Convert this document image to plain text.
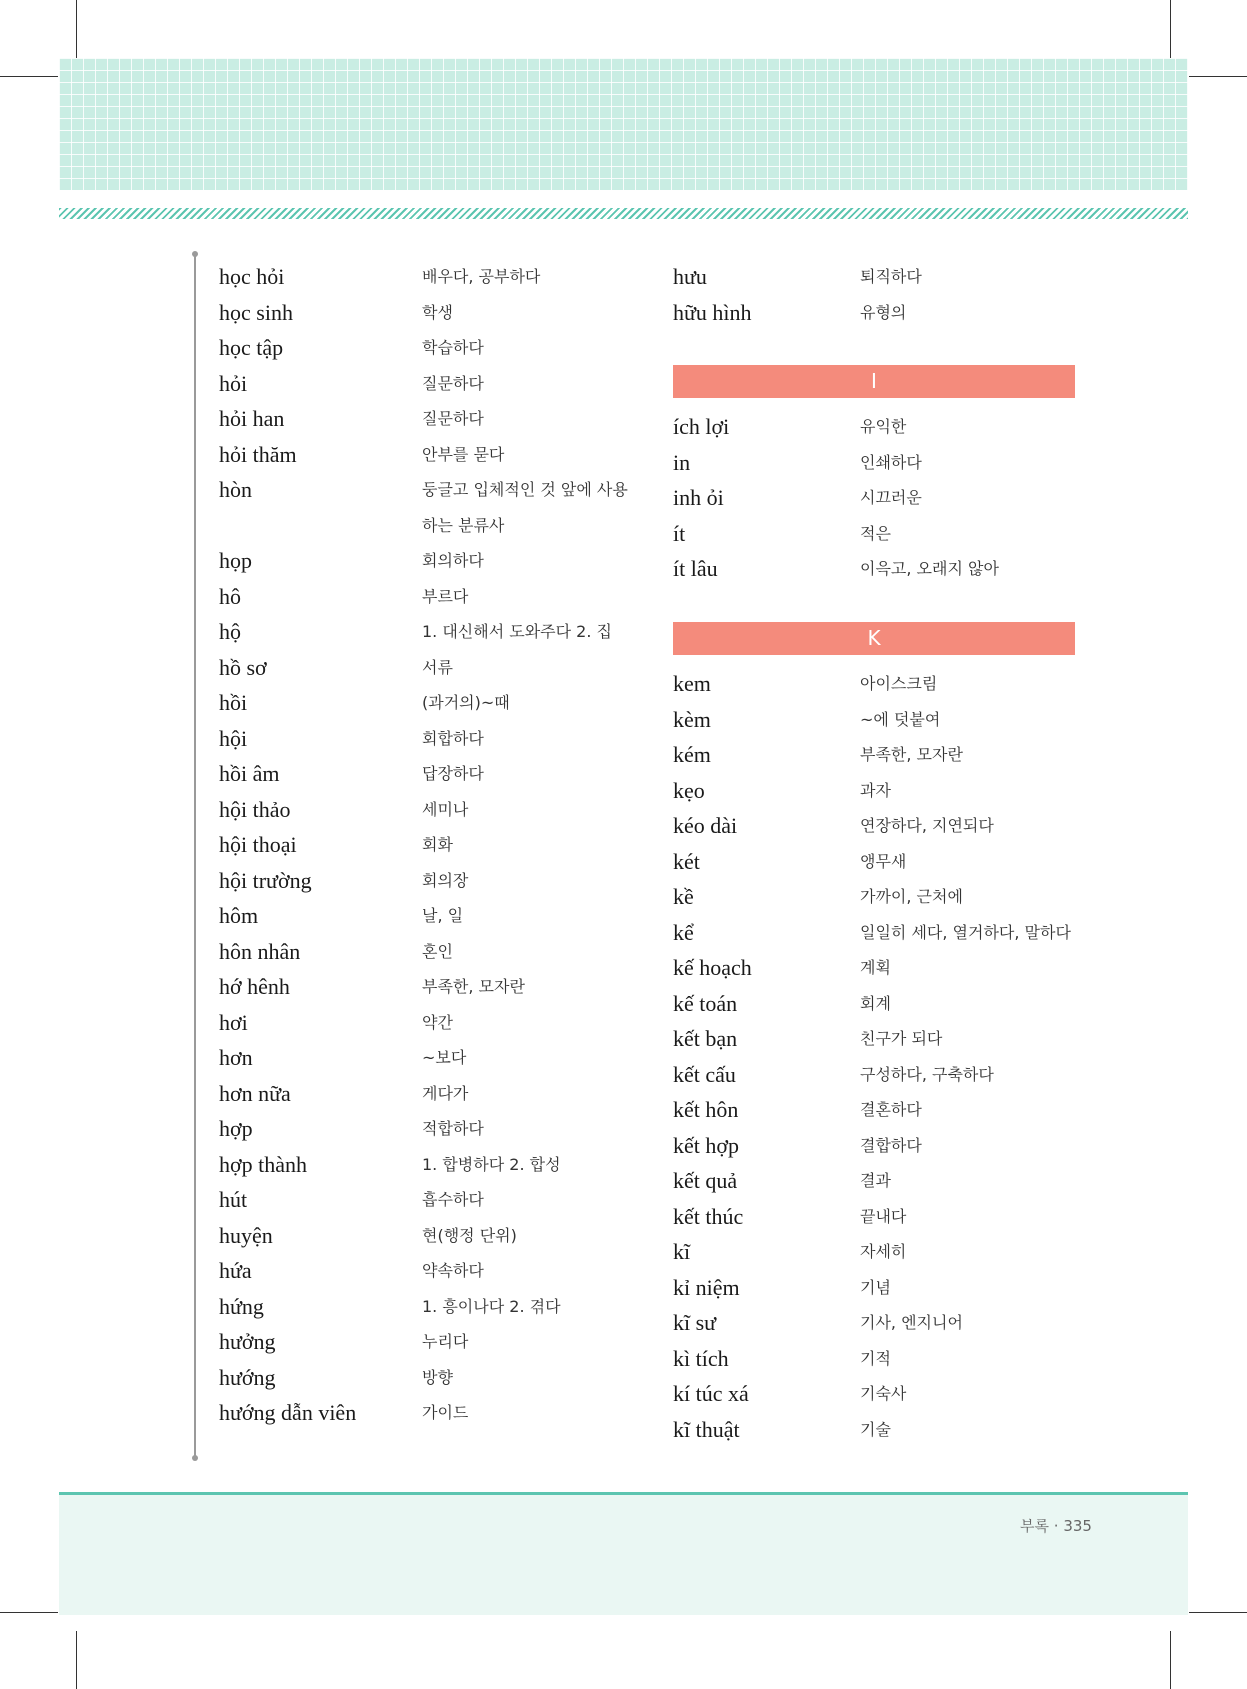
học hỏi	배우다, 공부하다
học sinh	학생
học tập	학습하다
hỏi	질문하다
hỏi han	질문하다
hỏi thăm	안부를 묻다
hòn	둥글고 입체적인 것 앞에 사용
하는 분류사
họp	회의하다
hô	부르다
hộ	1. 대신해서 도와주다 2. 집
hồ sơ	서류
hồi	(과거의)~때
hội	회합하다
hồi âm	답장하다
hội thảo	세미나
hội thoại	회화
hội trường	회의장
hôm	날, 일
hôn nhân	혼인
hớ hênh	부족한, 모자란
hơi	약간
hơn	~보다
hơn nữa	게다가
hợp	적합하다
hợp thành	1. 합병하다 2. 합성
hút	흡수하다
huyện	현(행정 단위)
hứa	약속하다
hứng	1. 흥이나다 2. 겪다
hưởng	누리다
hướng	방향
hướng dẫn viên	가이드
hưu	퇴직하다
hữu hình	유형의
I
ích lợi	유익한
in	인쇄하다
inh ỏi	시끄러운
ít	적은
ít lâu	이윽고, 오래지 않아
K
kem	아이스크림
kèm	~에 덧붙여
kém	부족한, 모자란
kẹo	과자
kéo dài	연장하다, 지연되다
két	앵무새
kề	가까이, 근처에
kể	일일히 세다, 열거하다, 말하다
kế hoạch	계획
kế toán	회계
kết bạn	친구가 되다
kết cấu	구성하다, 구축하다
kết hôn	결혼하다
kết hợp	결합하다
kết quả	결과
kết thúc	끝내다
kĩ	자세히
kỉ niệm	기념
kĩ sư	기사, 엔지니어
kì tích	기적
kí túc xá	기숙사
kĩ thuật	기술
부록 · 335
